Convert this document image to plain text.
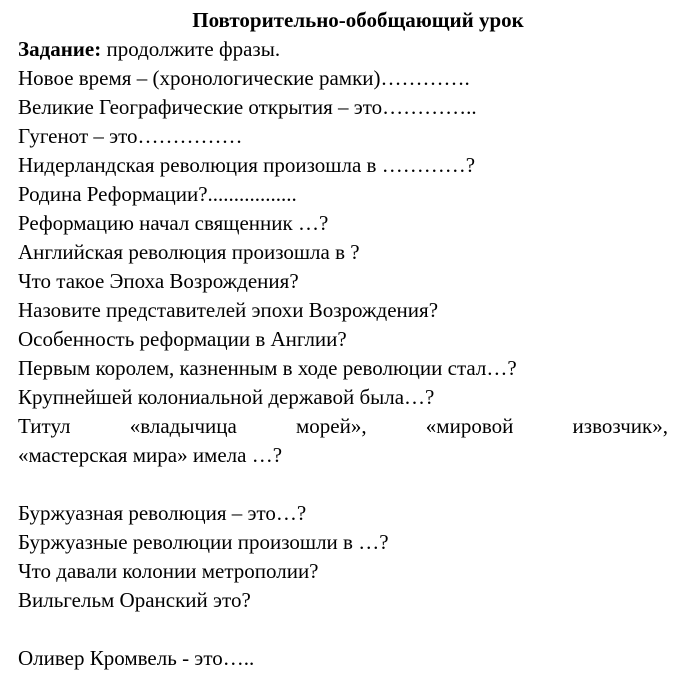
Повторительно-обобщающий урок

Задание: продолжите фразы.

Новое время – (хронологические рамки)………….

Великие Географические открытия – это…………..

Гугенот – это……………

Нидерландская революция произошла в …………?

Родина Реформации?.................

Реформацию начал священник …?

Английская революция произошла в ?

Что такое Эпоха Возрождения?

Назовите представителей эпохи Возрождения?

Особенность реформации в Англии?

Первым королем, казненным в ходе революции стал…?

Крупнейшей колониальной державой была…?

Титул «владычица морей», «мировой извозчик»,

«мастерская мира» имела …?

Буржуазная революция – это…?

Буржуазные революции произошли в …?

Что давали колонии метрополии?

Вильгельм Оранский это?

Оливер Кромвель - это…..
